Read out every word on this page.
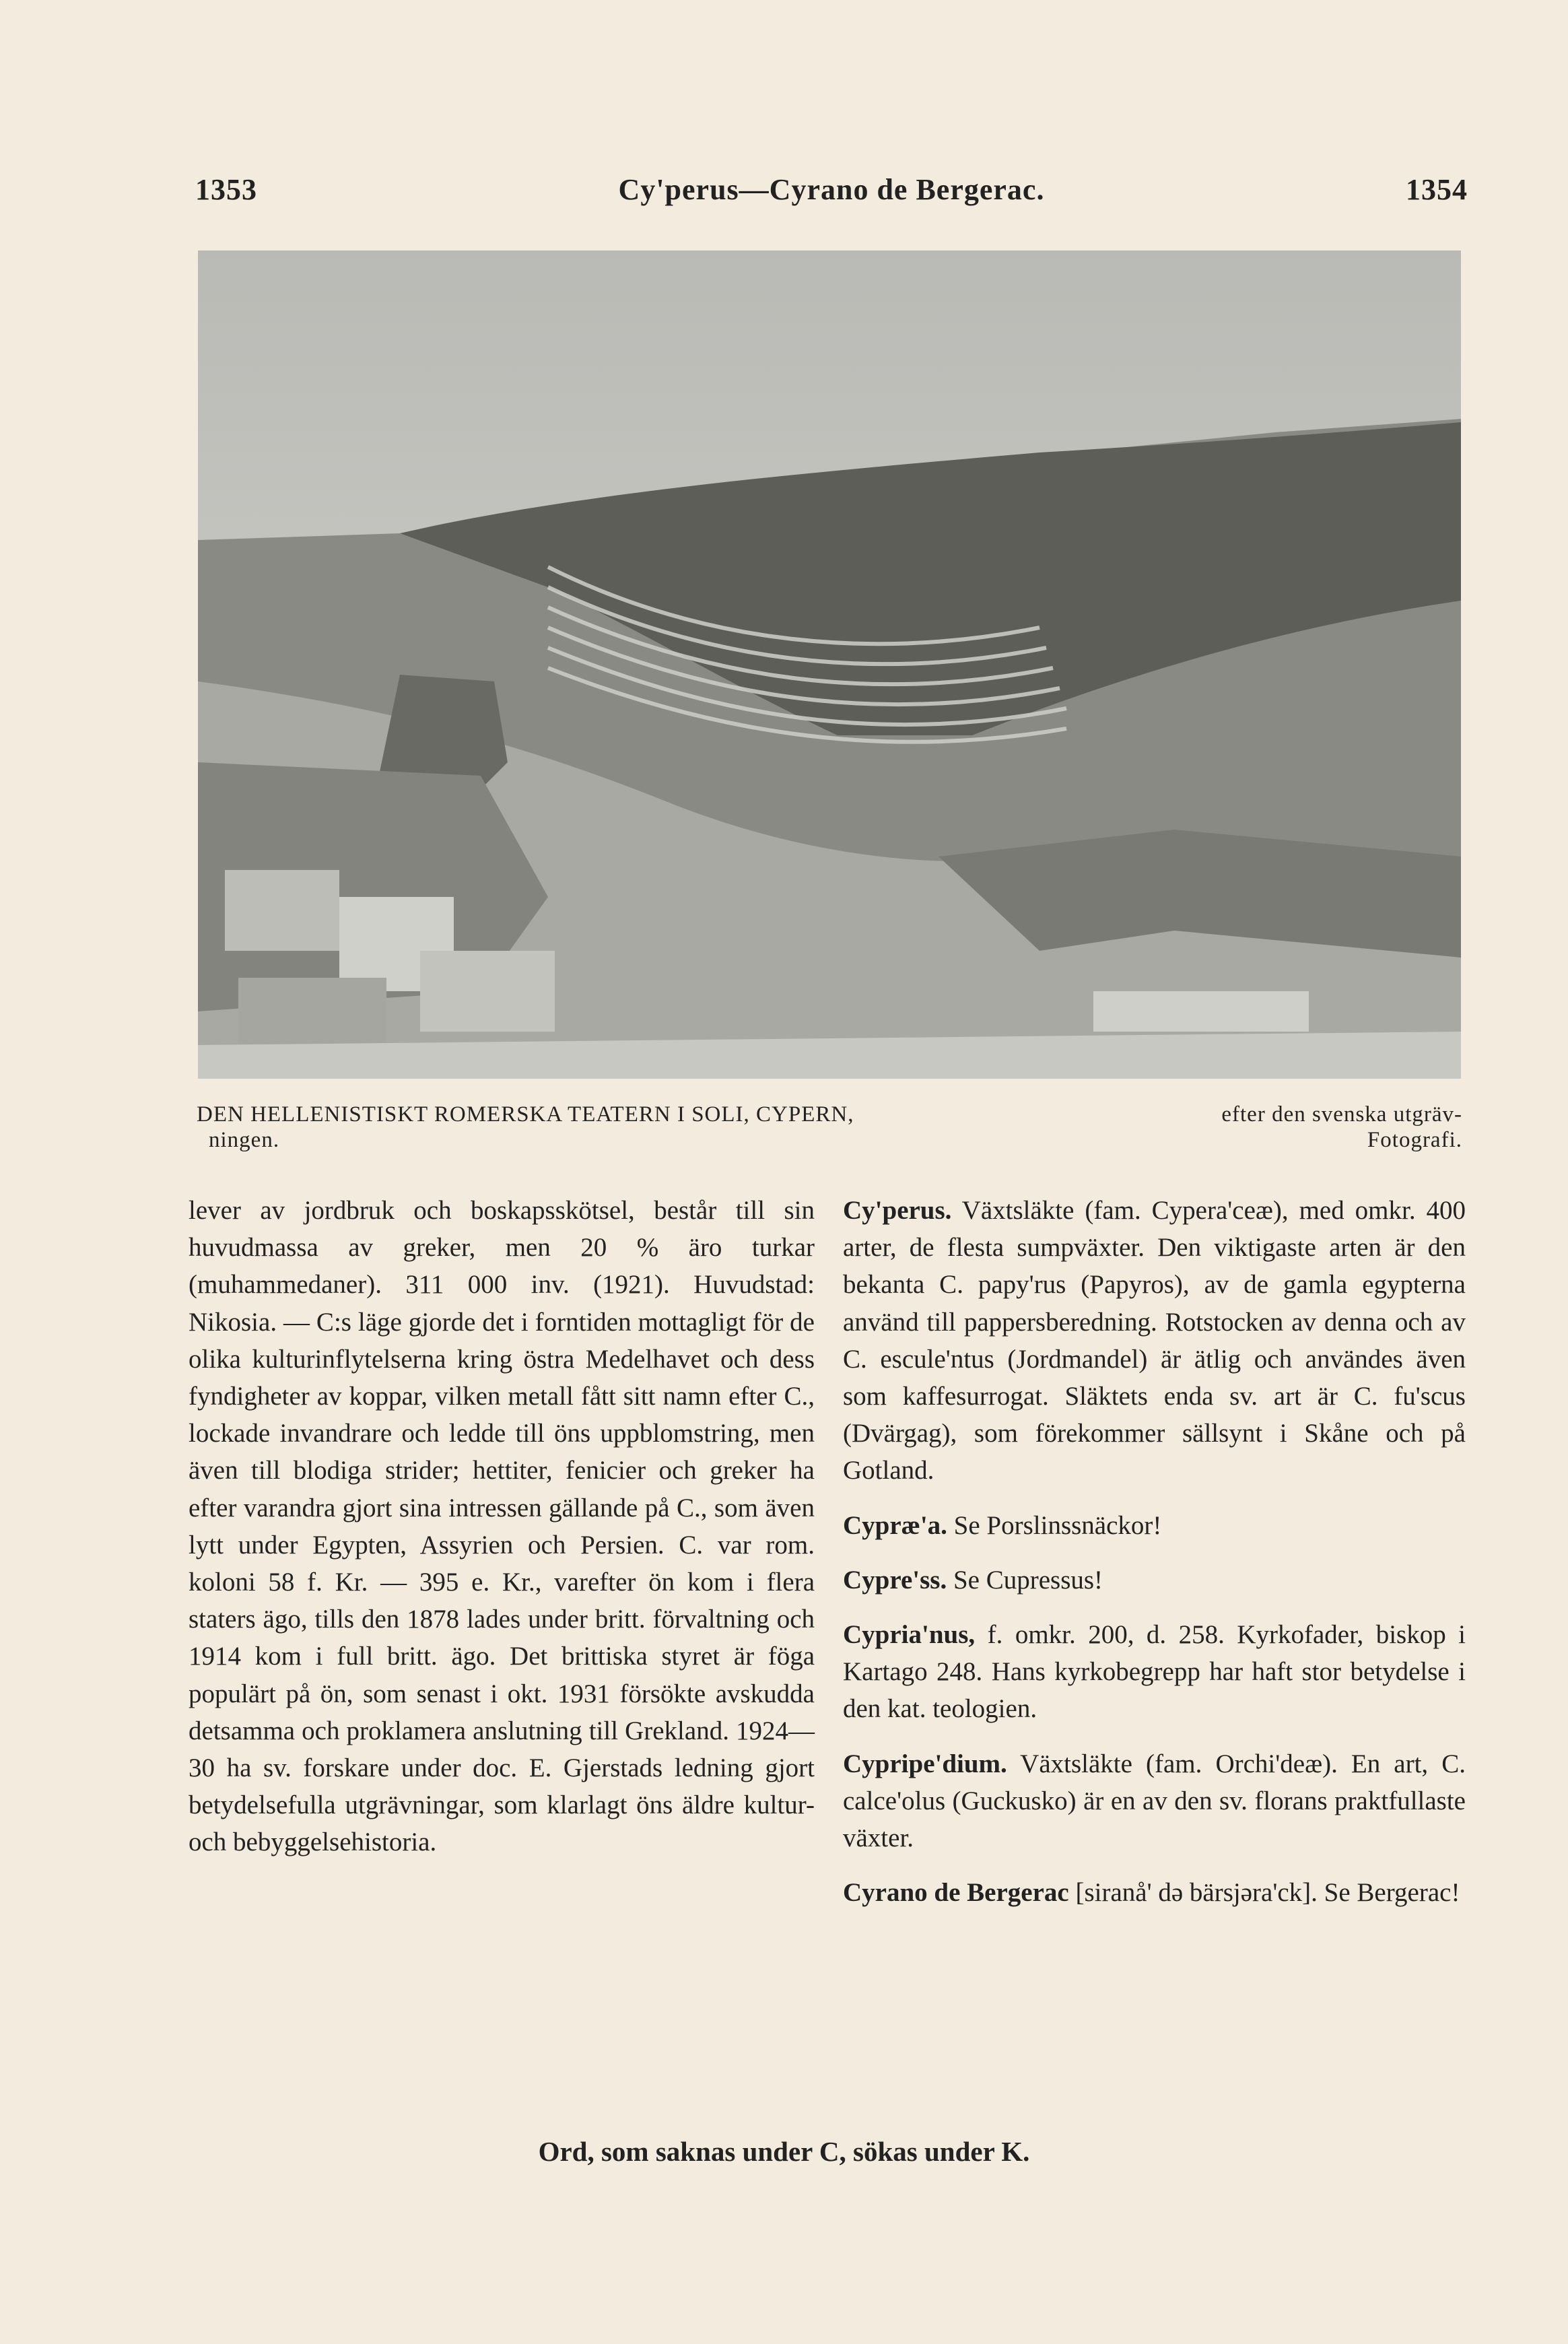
1353	Cy'perus—Cyrano de Bergerac.	1354
DEN HELLENISTISKT ROMERSKA TEATERN I SOLI, CYPERN,	efter den svenska utgräv-
ningen.	Fotografi.

lever av jordbruk och boskapsskötsel, består till sin huvudmassa av greker, men 20 % äro turkar (muhammedaner). 311 000 inv. (1921). Huvudstad: Nikosia. — C:s läge gjorde det i forntiden mottagligt för de olika kulturinflytelserna kring östra Medelhavet och dess fyndigheter av koppar, vilken metall fått sitt namn efter C., lockade invandrare och ledde till öns uppblomstring, men även till blodiga strider; hettiter, fenicier och greker ha efter varandra gjort sina intressen gällande på C., som även lytt under Egypten, Assyrien och Persien. C. var rom. koloni 58 f. Kr. — 395 e. Kr., varefter ön kom i flera staters ägo, tills den 1878 lades under britt. förvaltning och 1914 kom i full britt. ägo. Det brittiska styret är föga populärt på ön, som senast i okt. 1931 försökte avskudda detsamma och proklamera anslutning till Grekland. 1924—30 ha sv. forskare under doc. E. Gjerstads ledning gjort betydelsefulla utgrävningar, som klarlagt öns äldre kultur- och bebyggelsehistoria.

Cy'perus. Växtsläkte (fam. Cypera'ceæ), med omkr. 400 arter, de flesta sumpväxter. Den viktigaste arten är den bekanta C. papy'rus (Papyros), av de gamla egypterna använd till pappersberedning. Rotstocken av denna och av C. escule'ntus (Jordmandel) är ätlig och användes även som kaffesurrogat. Släktets enda sv. art är C. fu'scus (Dvärgag), som förekommer sällsynt i Skåne och på Gotland.

Cypræ'a. Se Porslinssnäckor!

Cypre'ss. Se Cupressus!

Cypria'nus, f. omkr. 200, d. 258. Kyrkofader, biskop i Kartago 248. Hans kyrkobegrepp har haft stor betydelse i den kat. teologien.

Cypripe'dium. Växtsläkte (fam. Orchi'deæ). En art, C. calce'olus (Guckusko) är en av den sv. florans praktfullaste växter.

Cyrano de Bergerac [siranå' də bärsjəra'ck]. Se Bergerac!

Ord, som saknas under C, sökas under K.
